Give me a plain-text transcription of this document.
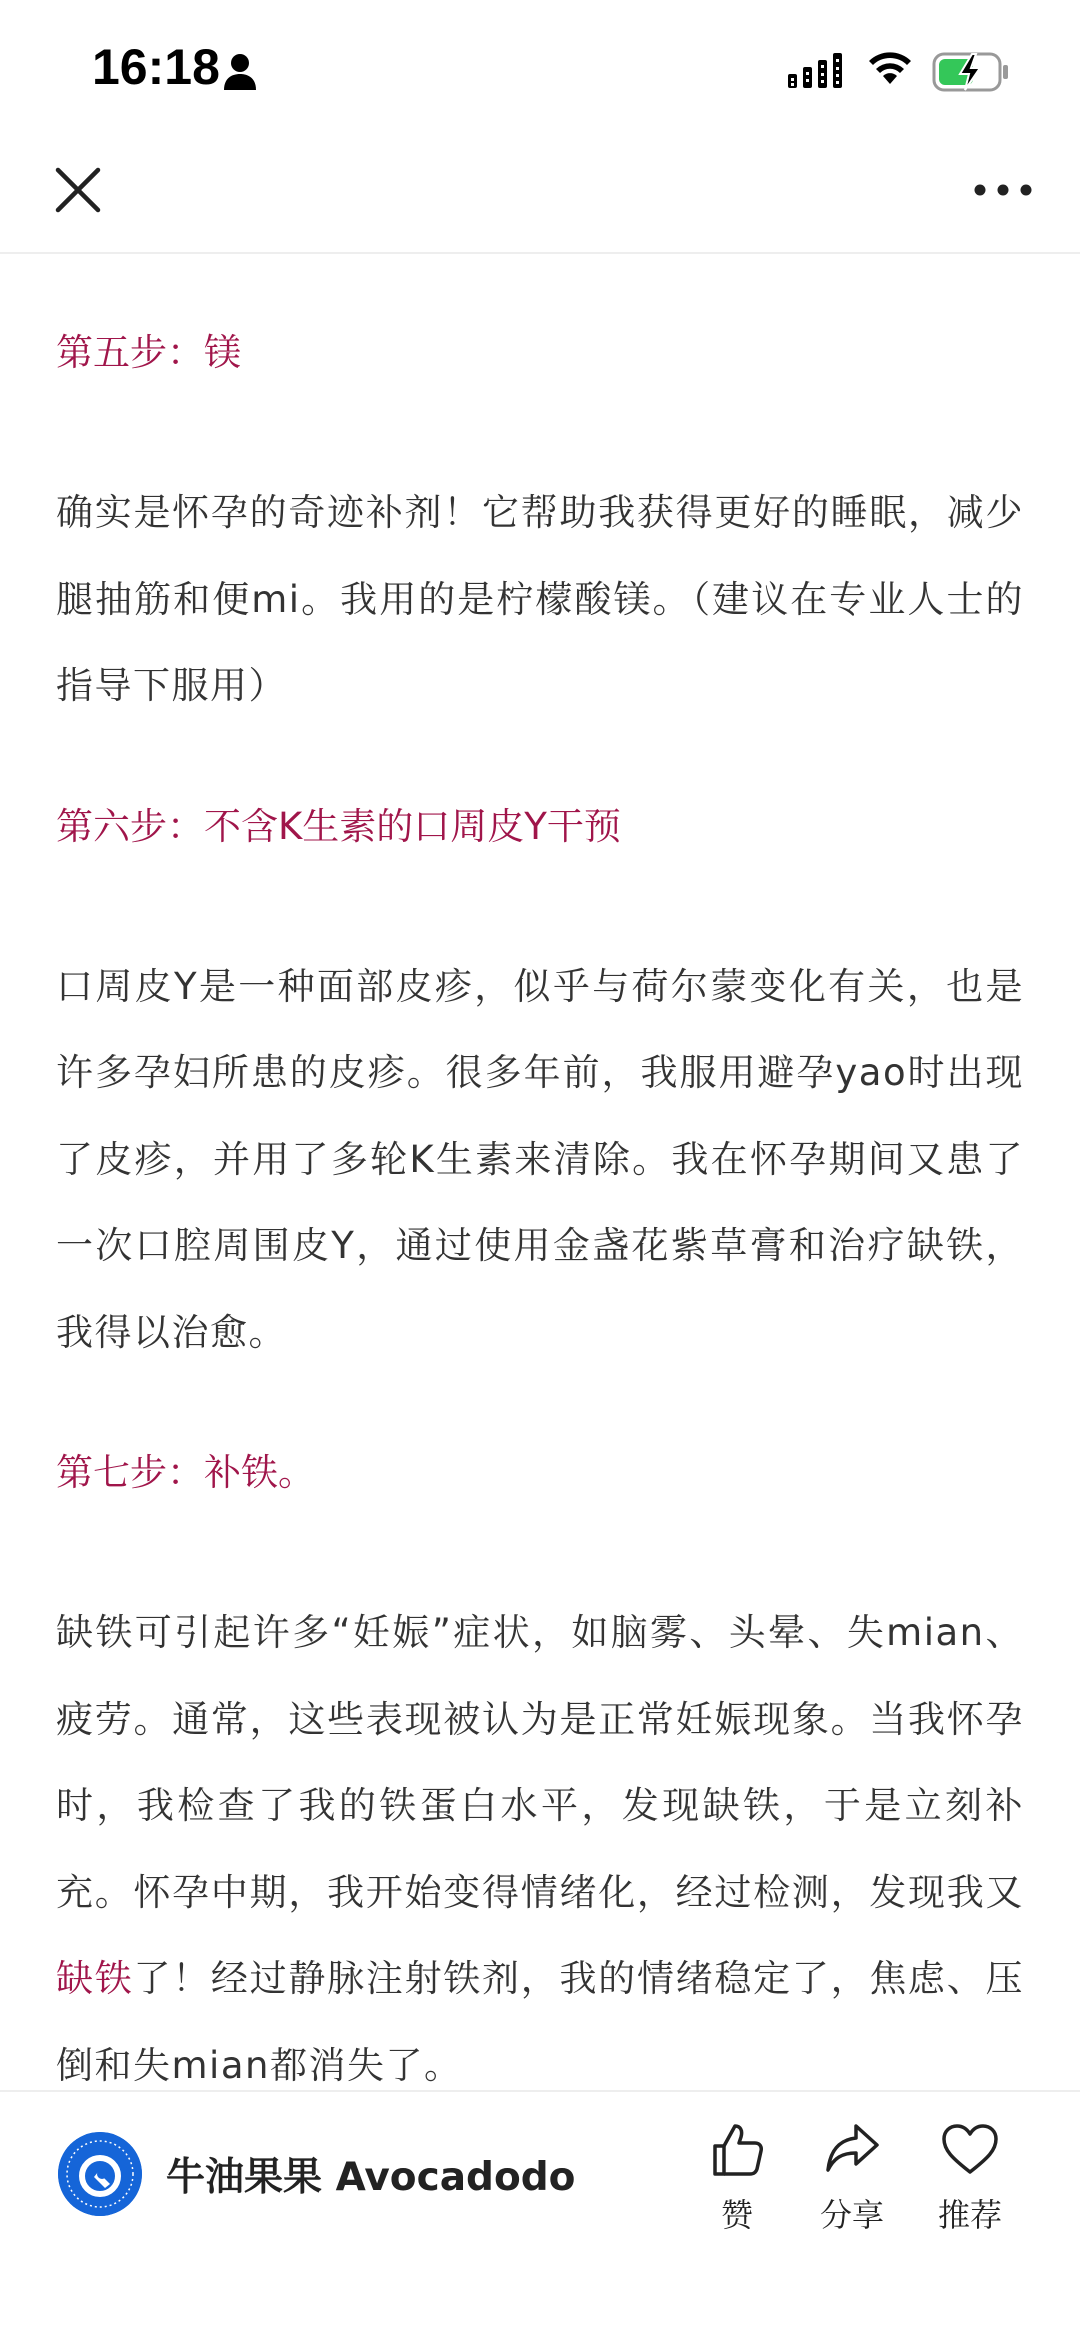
16:18

第五步：镁

确实是怀孕的奇迹补剂！它帮助我获得更好的睡眠，减少腿抽筋和便mi。我用的是柠檬酸镁。（建议在专业人士的指导下服用）

第六步：不含K生素的口周皮Y干预

口周皮Y是一种面部皮疹，似乎与荷尔蒙变化有关，也是许多孕妇所患的皮疹。很多年前，我服用避孕yao时出现了皮疹，并用了多轮K生素来清除。我在怀孕期间又患了一次口腔周围皮Y，通过使用金盏花紫草膏和治疗缺铁，我得以治愈。

第七步：补铁。

缺铁可引起许多“妊娠”症状，如脑雾、头晕、失mian、疲劳。通常，这些表现被认为是正常妊娠现象。当我怀孕时，我检查了我的铁蛋白水平，发现缺铁，于是立刻补充。怀孕中期，我开始变得情绪化，经过检测，发现我又缺铁了！经过静脉注射铁剂，我的情绪稳定了，焦虑、压倒和失mian都消失了。

牛油果果 Avocadodo
赞	分享	推荐
